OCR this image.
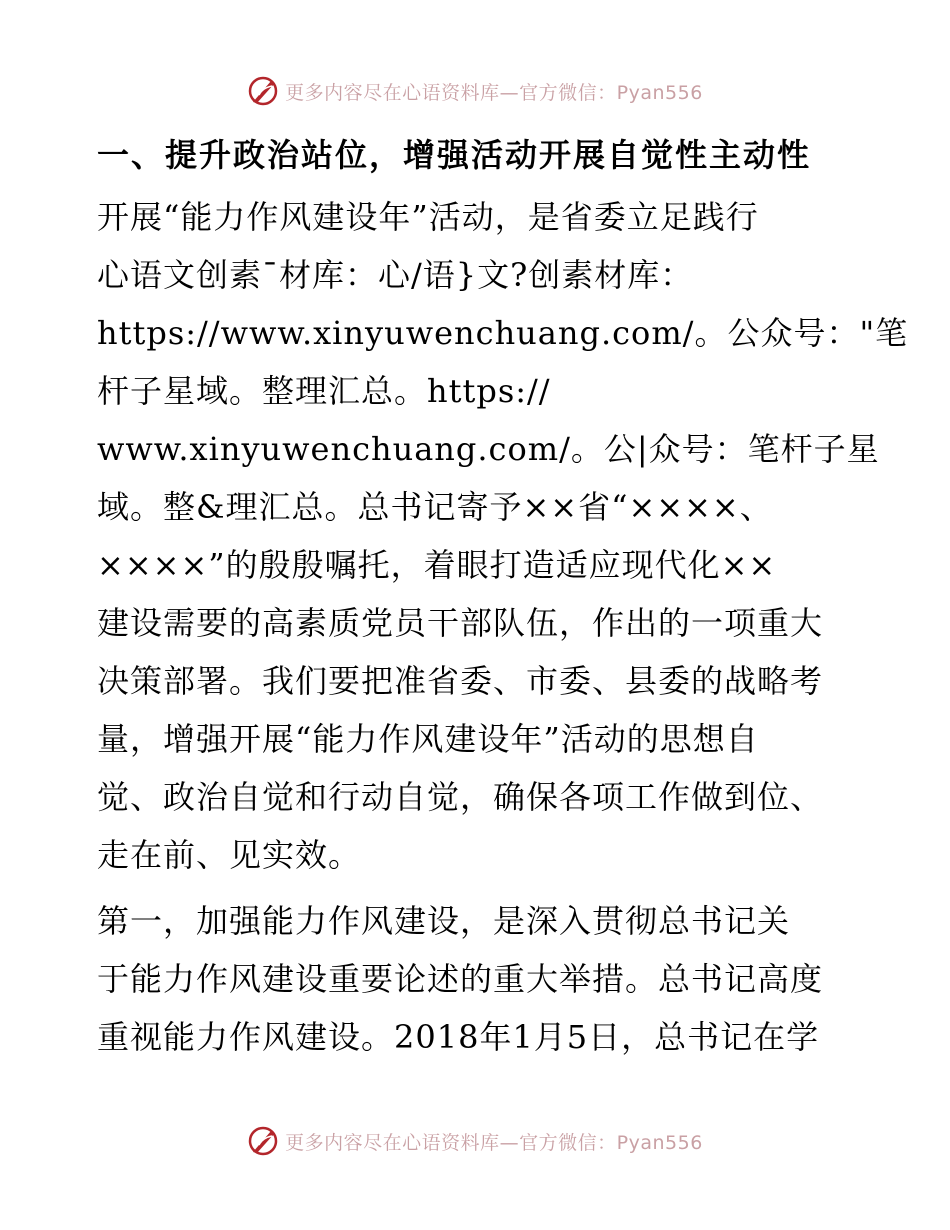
更多内容尽在心语资料库—官方微信：Pyan556
一、提升政治站位，增强活动开展自觉性主动性

开展“能力作风建设年”活动，是省委立足践行
心语文创素¯材库：心/语}文?创素材库：
https://www.xinyuwenchuang.com/。公众号："笔
杆子星域。整理汇总。https://
www.xinyuwenchuang.com/。公|众号：笔杆子星
域。整&理汇总。总书记寄予××省“××××、
××××”的殷殷嘱托，着眼打造适应现代化××
建设需要的高素质党员干部队伍，作出的一项重大
决策部署。我们要把准省委、市委、县委的战略考
量，增强开展“能力作风建设年”活动的思想自
觉、政治自觉和行动自觉，确保各项工作做到位、
走在前、见实效。

第一，加强能力作风建设，是深入贯彻总书记关
于能力作风建设重要论述的重大举措。总书记高度
重视能力作风建设。2018年1月5日，总书记在学

更多内容尽在心语资料库—官方微信：Pyan556
